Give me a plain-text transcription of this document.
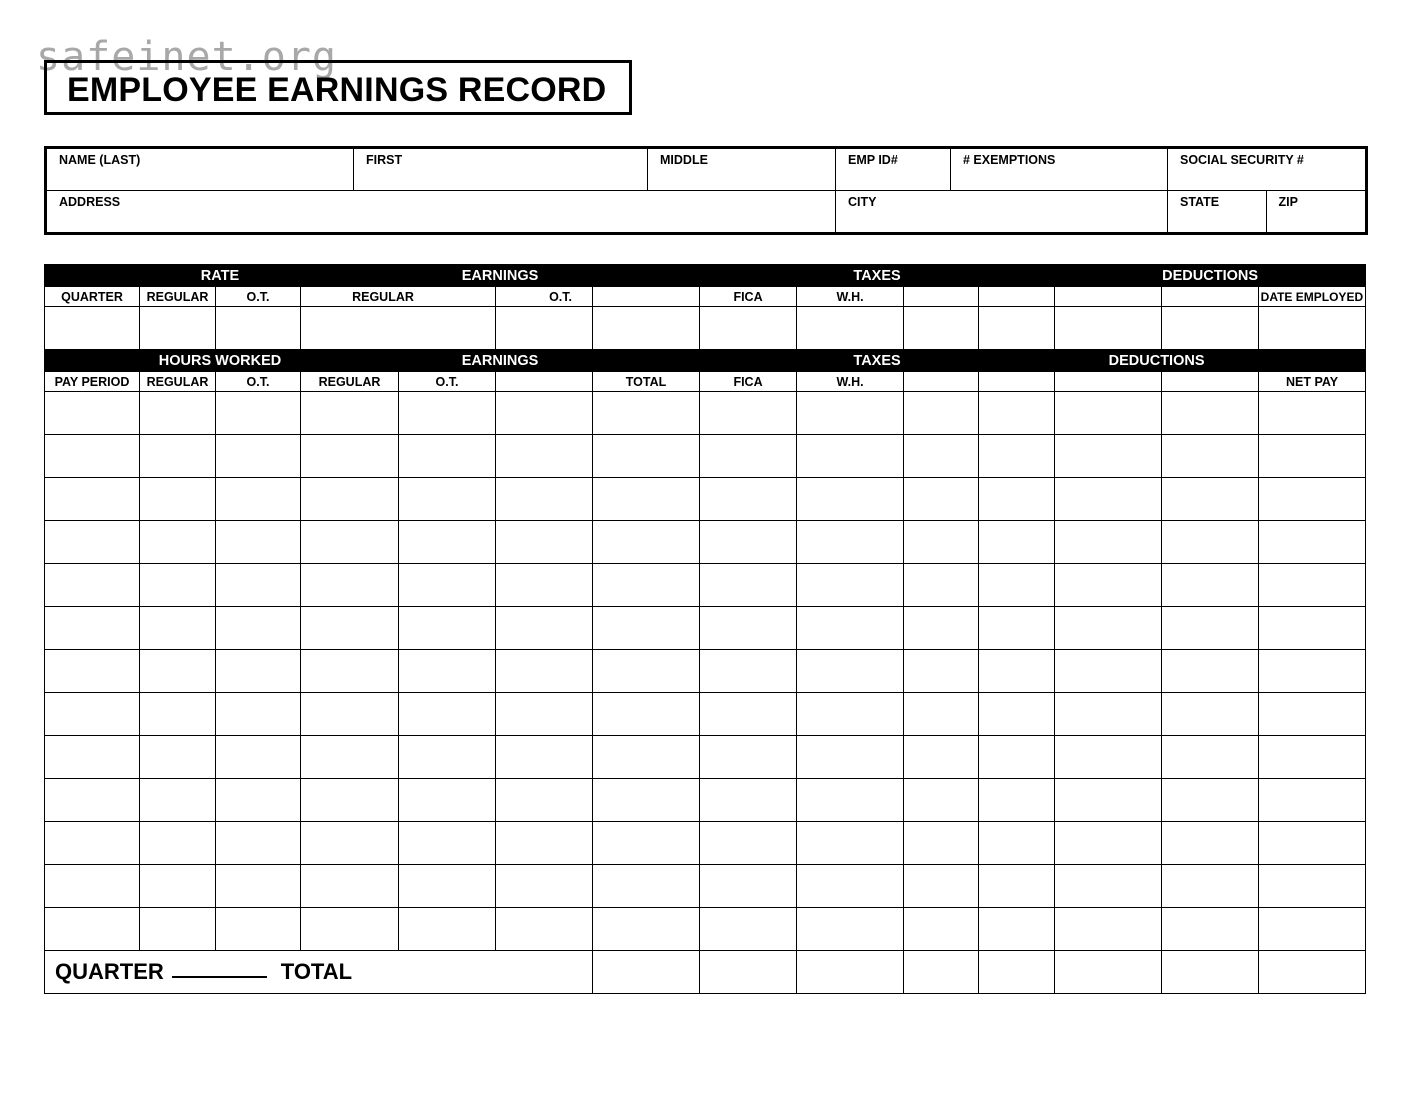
safeinet.org
EMPLOYEE EARNINGS RECORD
NAME (LAST)	FIRST	MIDDLE	EMP ID#	# EXEMPTIONS	SOCIAL SECURITY #
ADDRESS			CITY		STATE ZIP
	RATE		EARNINGS				TAXES				DEDUCTIONS		
QUARTER	REGULAR	O.T.	REGULAR		O.T.		FICA	W.H.					DATE EMPLOYED

	HOURS WORKED		EARNINGS				TAXES				DEDUCTIONS		
PAY PERIOD	REGULAR	O.T.	REGULAR	O.T.		TOTAL	FICA	W.H.					NET PAY

QUARTER TOTAL													
